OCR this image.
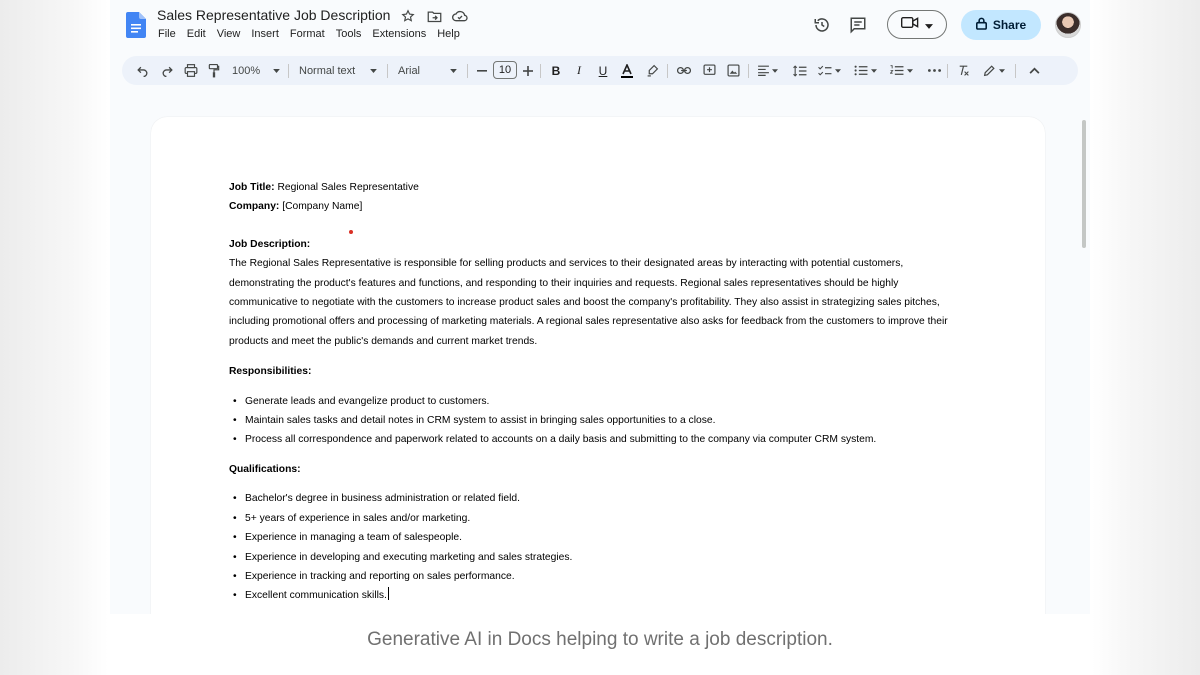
Sales Representative Job Description
File Edit View Insert Format Tools Extensions Help
Share
100%	Normal text	Arial	10	B	I	U

Job Title: Regional Sales Representative

Company: [Company Name]

Job Description:

The Regional Sales Representative is responsible for selling products and services to their designated areas by interacting with potential customers, demonstrating the product's features and functions, and responding to their inquiries and requests. Regional sales representatives should be highly communicative to negotiate with the customers to increase product sales and boost the company's profitability. They also assist in strategizing sales pitches, including promotional offers and processing of marketing materials. A regional sales representative also asks for feedback from the customers to improve their products and meet the public's demands and current market trends.

Responsibilities:

• Generate leads and evangelize product to customers.
• Maintain sales tasks and detail notes in CRM system to assist in bringing sales opportunities to a close.
• Process all correspondence and paperwork related to accounts on a daily basis and submitting to the company via computer CRM system.

Qualifications:

• Bachelor's degree in business administration or related field.
• 5+ years of experience in sales and/or marketing.
• Experience in managing a team of salespeople.
• Experience in developing and executing marketing and sales strategies.
• Experience in tracking and reporting on sales performance.
• Excellent communication skills.
Generative AI in Docs helping to write a job description.
